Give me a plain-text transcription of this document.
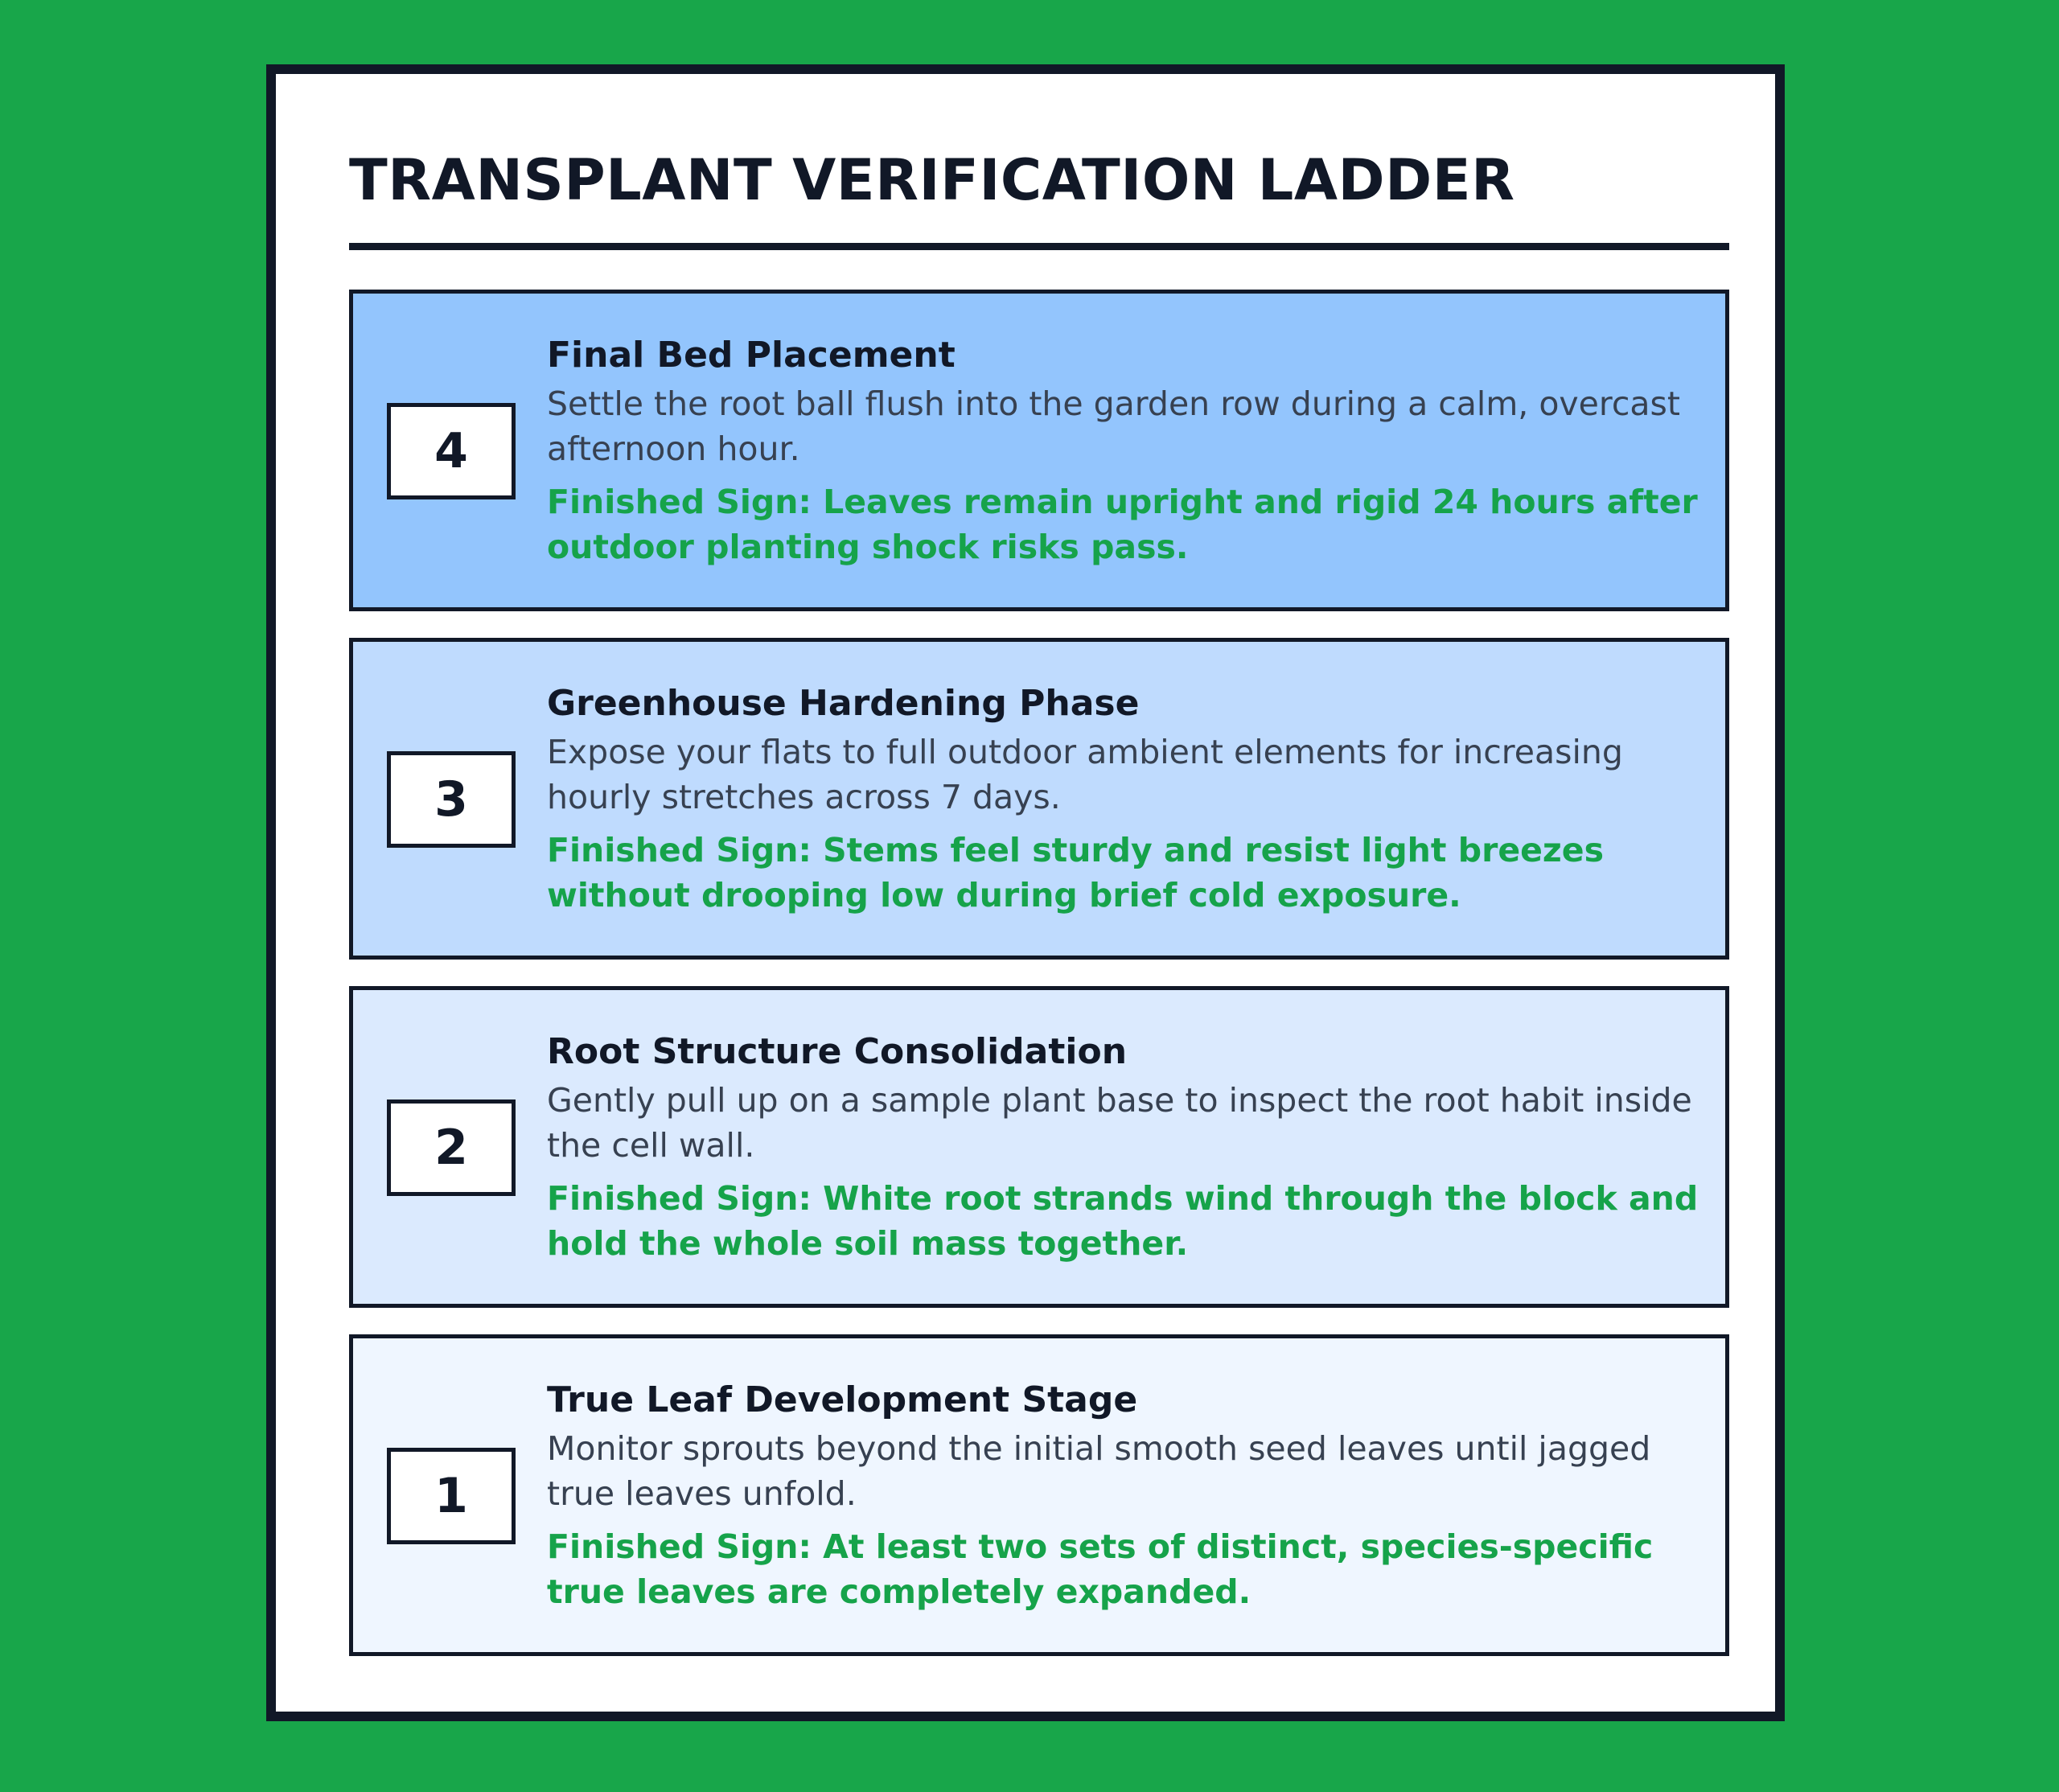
TRANSPLANT VERIFICATION LADDER
4
Final Bed Placement

Settle the root ball flush into the garden row during a calm, overcast afternoon hour.

Finished Sign: Leaves remain upright and rigid 24 hours after outdoor planting shock risks pass.

3
Greenhouse Hardening Phase

Expose your flats to full outdoor ambient elements for increasing hourly stretches across 7 days.

Finished Sign: Stems feel sturdy and resist light breezes without drooping low during brief cold exposure.

2
Root Structure Consolidation

Gently pull up on a sample plant base to inspect the root habit inside the cell wall.

Finished Sign: White root strands wind through the block and hold the whole soil mass together.

1
True Leaf Development Stage

Monitor sprouts beyond the initial smooth seed leaves until jagged true leaves unfold.

Finished Sign: At least two sets of distinct, species-specific true leaves are completely expanded.
